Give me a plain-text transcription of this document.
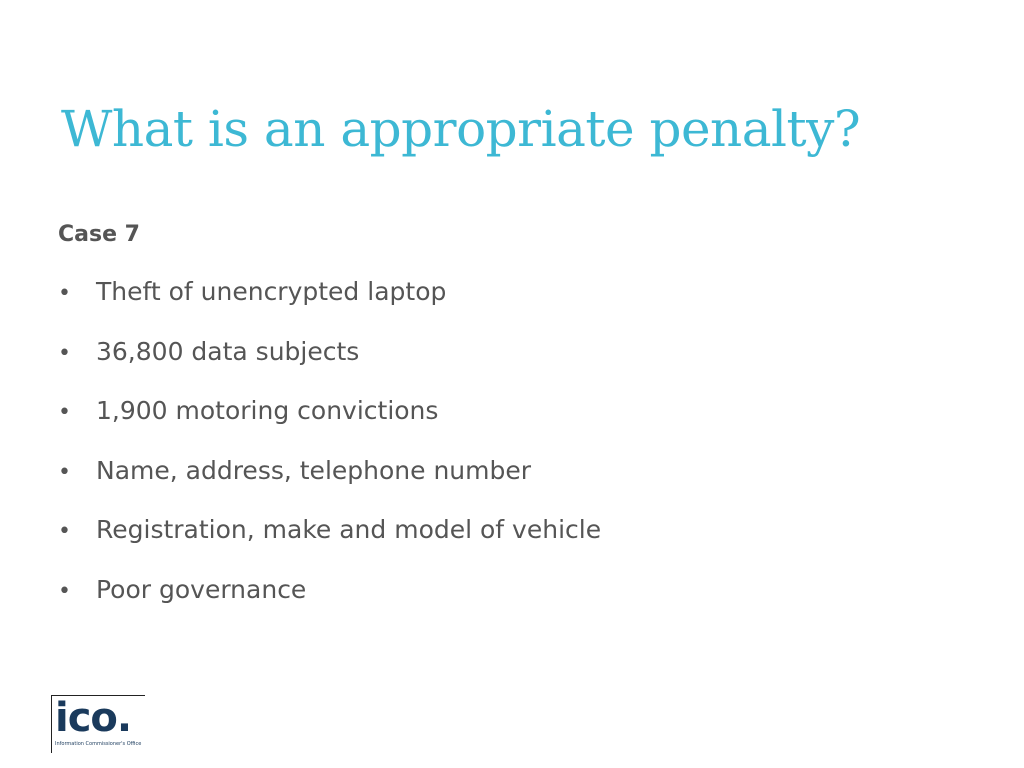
What is an appropriate penalty?

Case 7

•	Theft of unencrypted laptop
•	36,800 data subjects
•	1,900 motoring convictions
•	Name, address, telephone number
•	Registration, make and model of vehicle
•	Poor governance
ico.
Information Commissioner's Office
